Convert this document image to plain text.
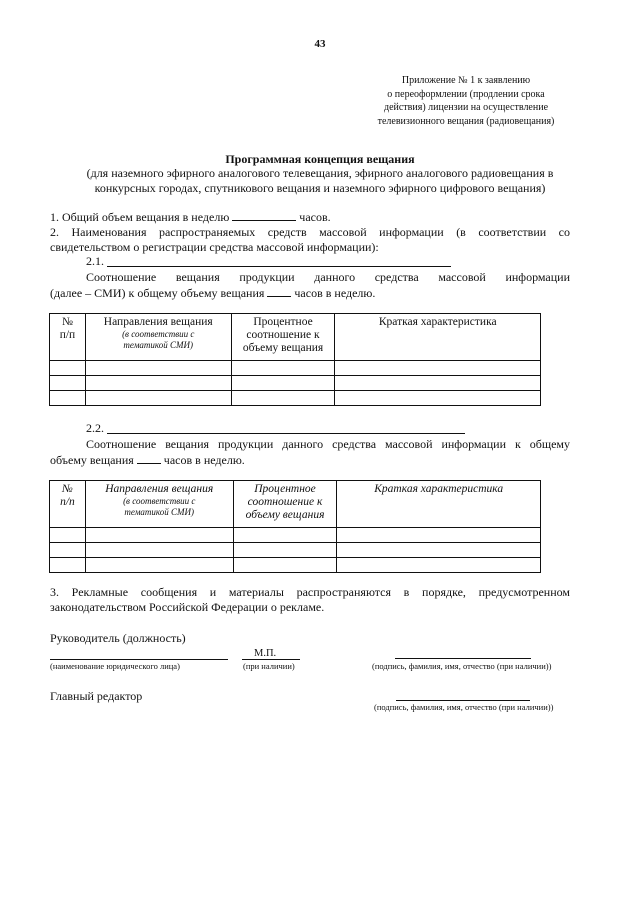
43
Приложение № 1 к заявлению
о переоформлении (продлении срока
действия) лицензии на осуществление
телевизионного вещания (радиовещания)
Программная концепция вещания
(для наземного эфирного аналогового телевещания, эфирного аналогового радиовещания в
конкурсных городах, спутникового вещания и наземного эфирного цифрового вещания)
1. Общий объем вещания в неделю	часов.
2. Наименования распространяемых средств массовой информации (в соответствии со
свидетельством о регистрации средства массовой информации):
2.1.
Соотношение вещания продукции данного средства массовой информации
(далее – СМИ) к общему объему вещания	часов в неделю.
№
п/п	Направления вещания
(в соответствии с
тематикой СМИ)	Процентное
соотношение к
объему вещания	Краткая характеристика

2.2.
Соотношение вещания продукции данного средства массовой информации к общему
объему вещания	часов в неделю.
№
п/п	Направления вещания
(в соответствии с
тематикой СМИ)	Процентное
соотношение к
объему вещания	Краткая характеристика

3. Рекламные сообщения и материалы распространяются в порядке, предусмотренном
законодательством Российской Федерации о рекламе.
Руководитель (должность)
М.П.
(наименование юридического лица)	(при наличии)	(подпись, фамилия, имя, отчество (при наличии))
Главный редактор
(подпись, фамилия, имя, отчество (при наличии))
